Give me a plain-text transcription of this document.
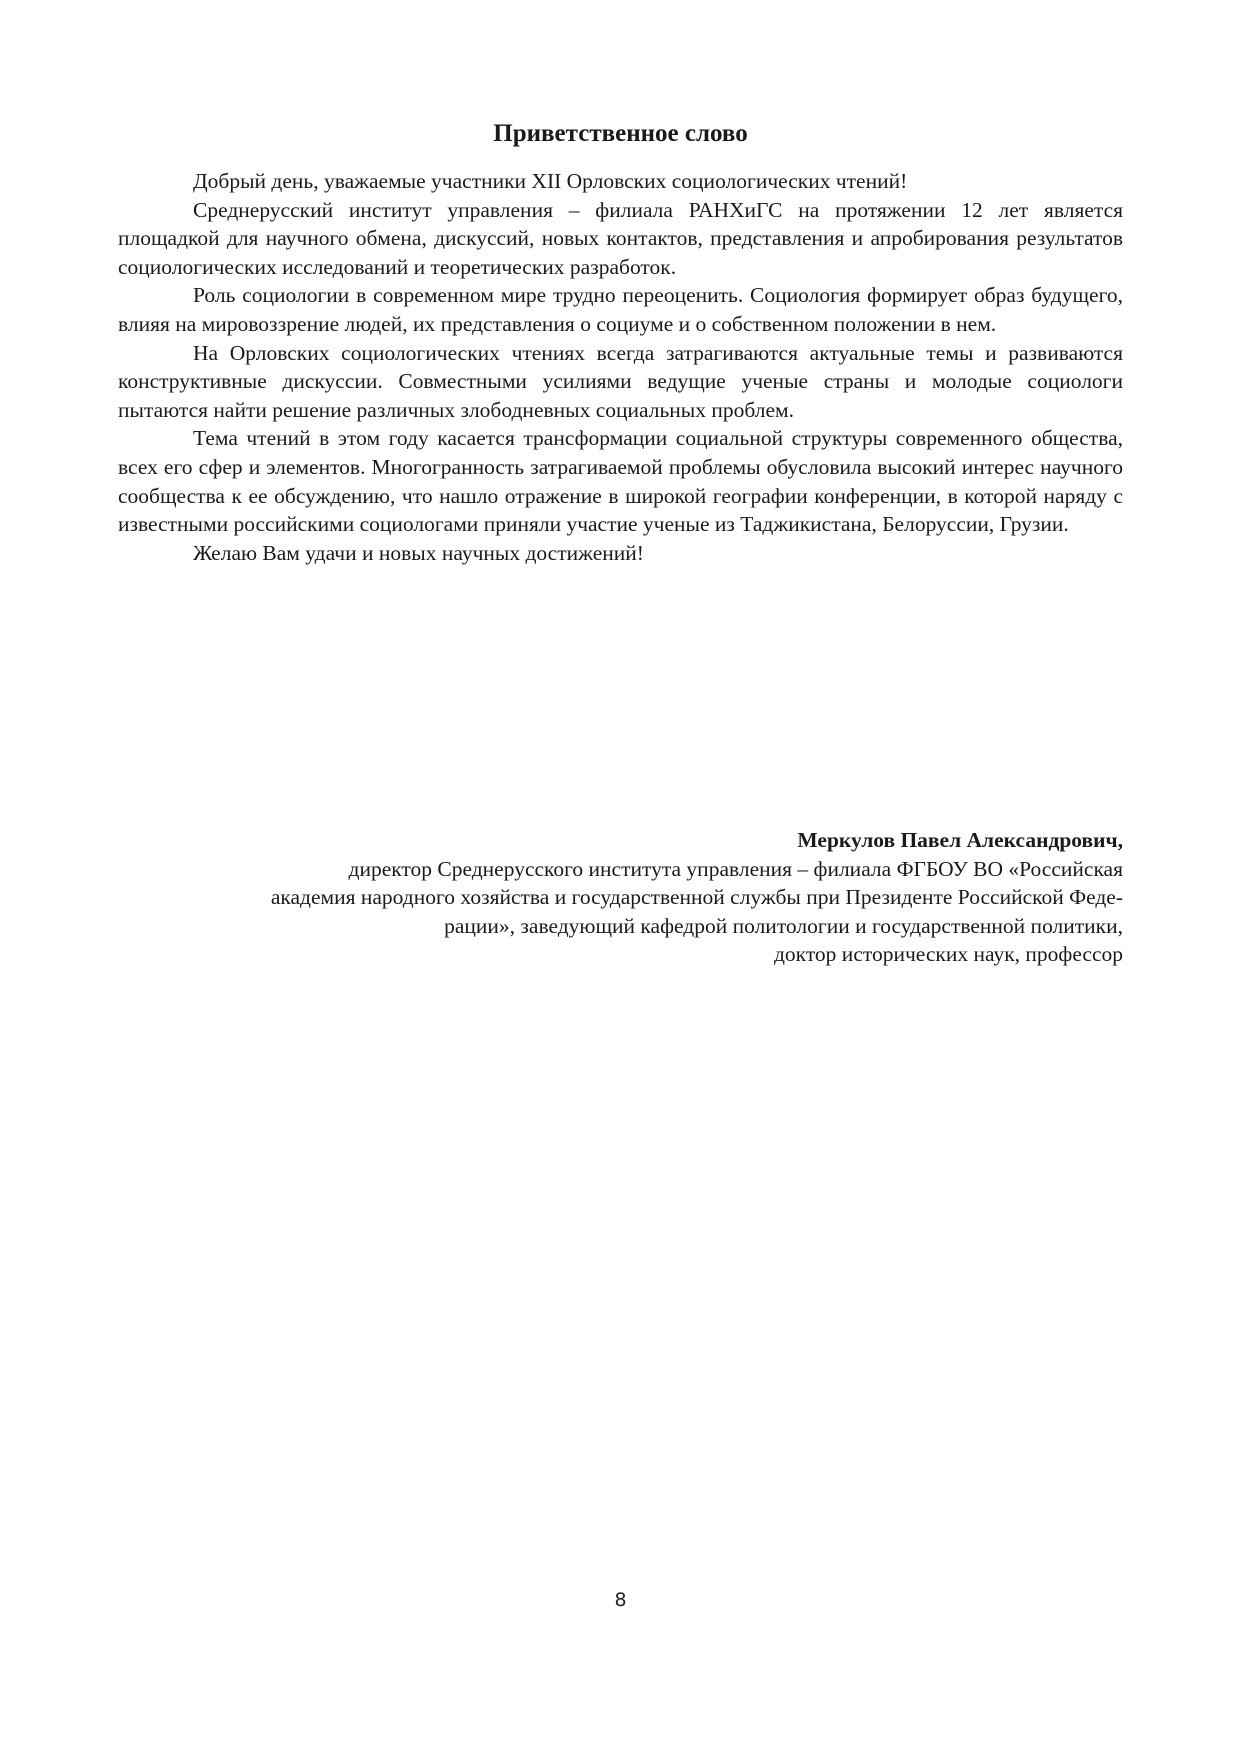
Приветственное слово

Добрый день, уважаемые участники XII Орловских социологических чтений!

Среднерусский институт управления – филиала РАНХиГС на протяжении 12 лет является площадкой для научного обмена, дискуссий, новых контактов, представления и апробирования результатов социологических исследований и теоретических разработок.

Роль социологии в современном мире трудно переоценить. Социология формирует образ будущего, влияя на мировоззрение людей, их представления о социуме и о собственном положении в нем.

На Орловских социологических чтениях всегда затрагиваются актуальные темы и развиваются конструктивные дискуссии. Совместными усилиями ведущие ученые страны и молодые социологи пытаются найти решение различных злободневных социальных проблем.

Тема чтений в этом году касается трансформации социальной структуры современного общества, всех его сфер и элементов. Многогранность затрагиваемой проблемы обусловила высокий интерес научного сообщества к ее обсуждению, что нашло отражение в широкой географии конференции, в которой наряду с известными российскими социологами приняли участие ученые из Таджикистана, Белоруссии, Грузии.

Желаю Вам удачи и новых научных достижений!

Меркулов Павел Александрович,

директор Среднерусского института управления – филиала ФГБОУ ВО «Российская

академия народного хозяйства и государственной службы при Президенте Российской Феде-

рации», заведующий кафедрой политологии и государственной политики,

доктор исторических наук, профессор

8
